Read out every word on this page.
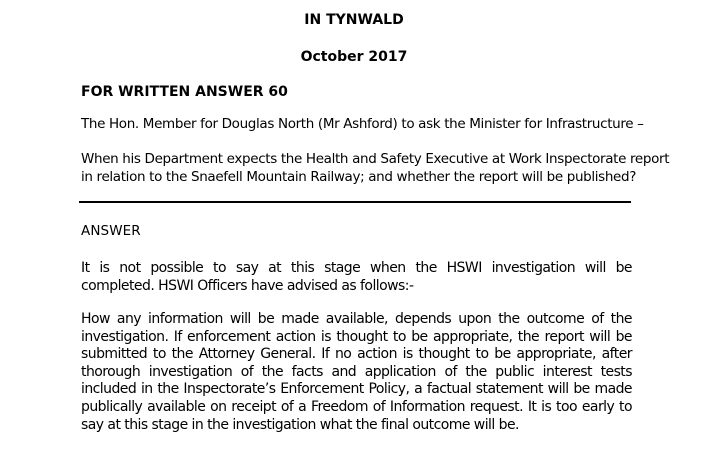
IN TYNWALD
October 2017
FOR WRITTEN ANSWER 60
The Hon. Member for Douglas North (Mr Ashford) to ask the Minister for Infrastructure –
When his Department expects the Health and Safety Executive at Work Inspectorate report
in relation to the Snaefell Mountain Railway; and whether the report will be published?
ANSWER
It is not possible to say at this stage when the HSWI investigation will be
completed. HSWI Officers have advised as follows:-
How any information will be made available, depends upon the outcome of the
investigation. If enforcement action is thought to be appropriate, the report will be
submitted to the Attorney General. If no action is thought to be appropriate, after
thorough investigation of the facts and application of the public interest tests
included in the Inspectorate’s Enforcement Policy, a factual statement will be made
publically available on receipt of a Freedom of Information request. It is too early to
say at this stage in the investigation what the final outcome will be.
